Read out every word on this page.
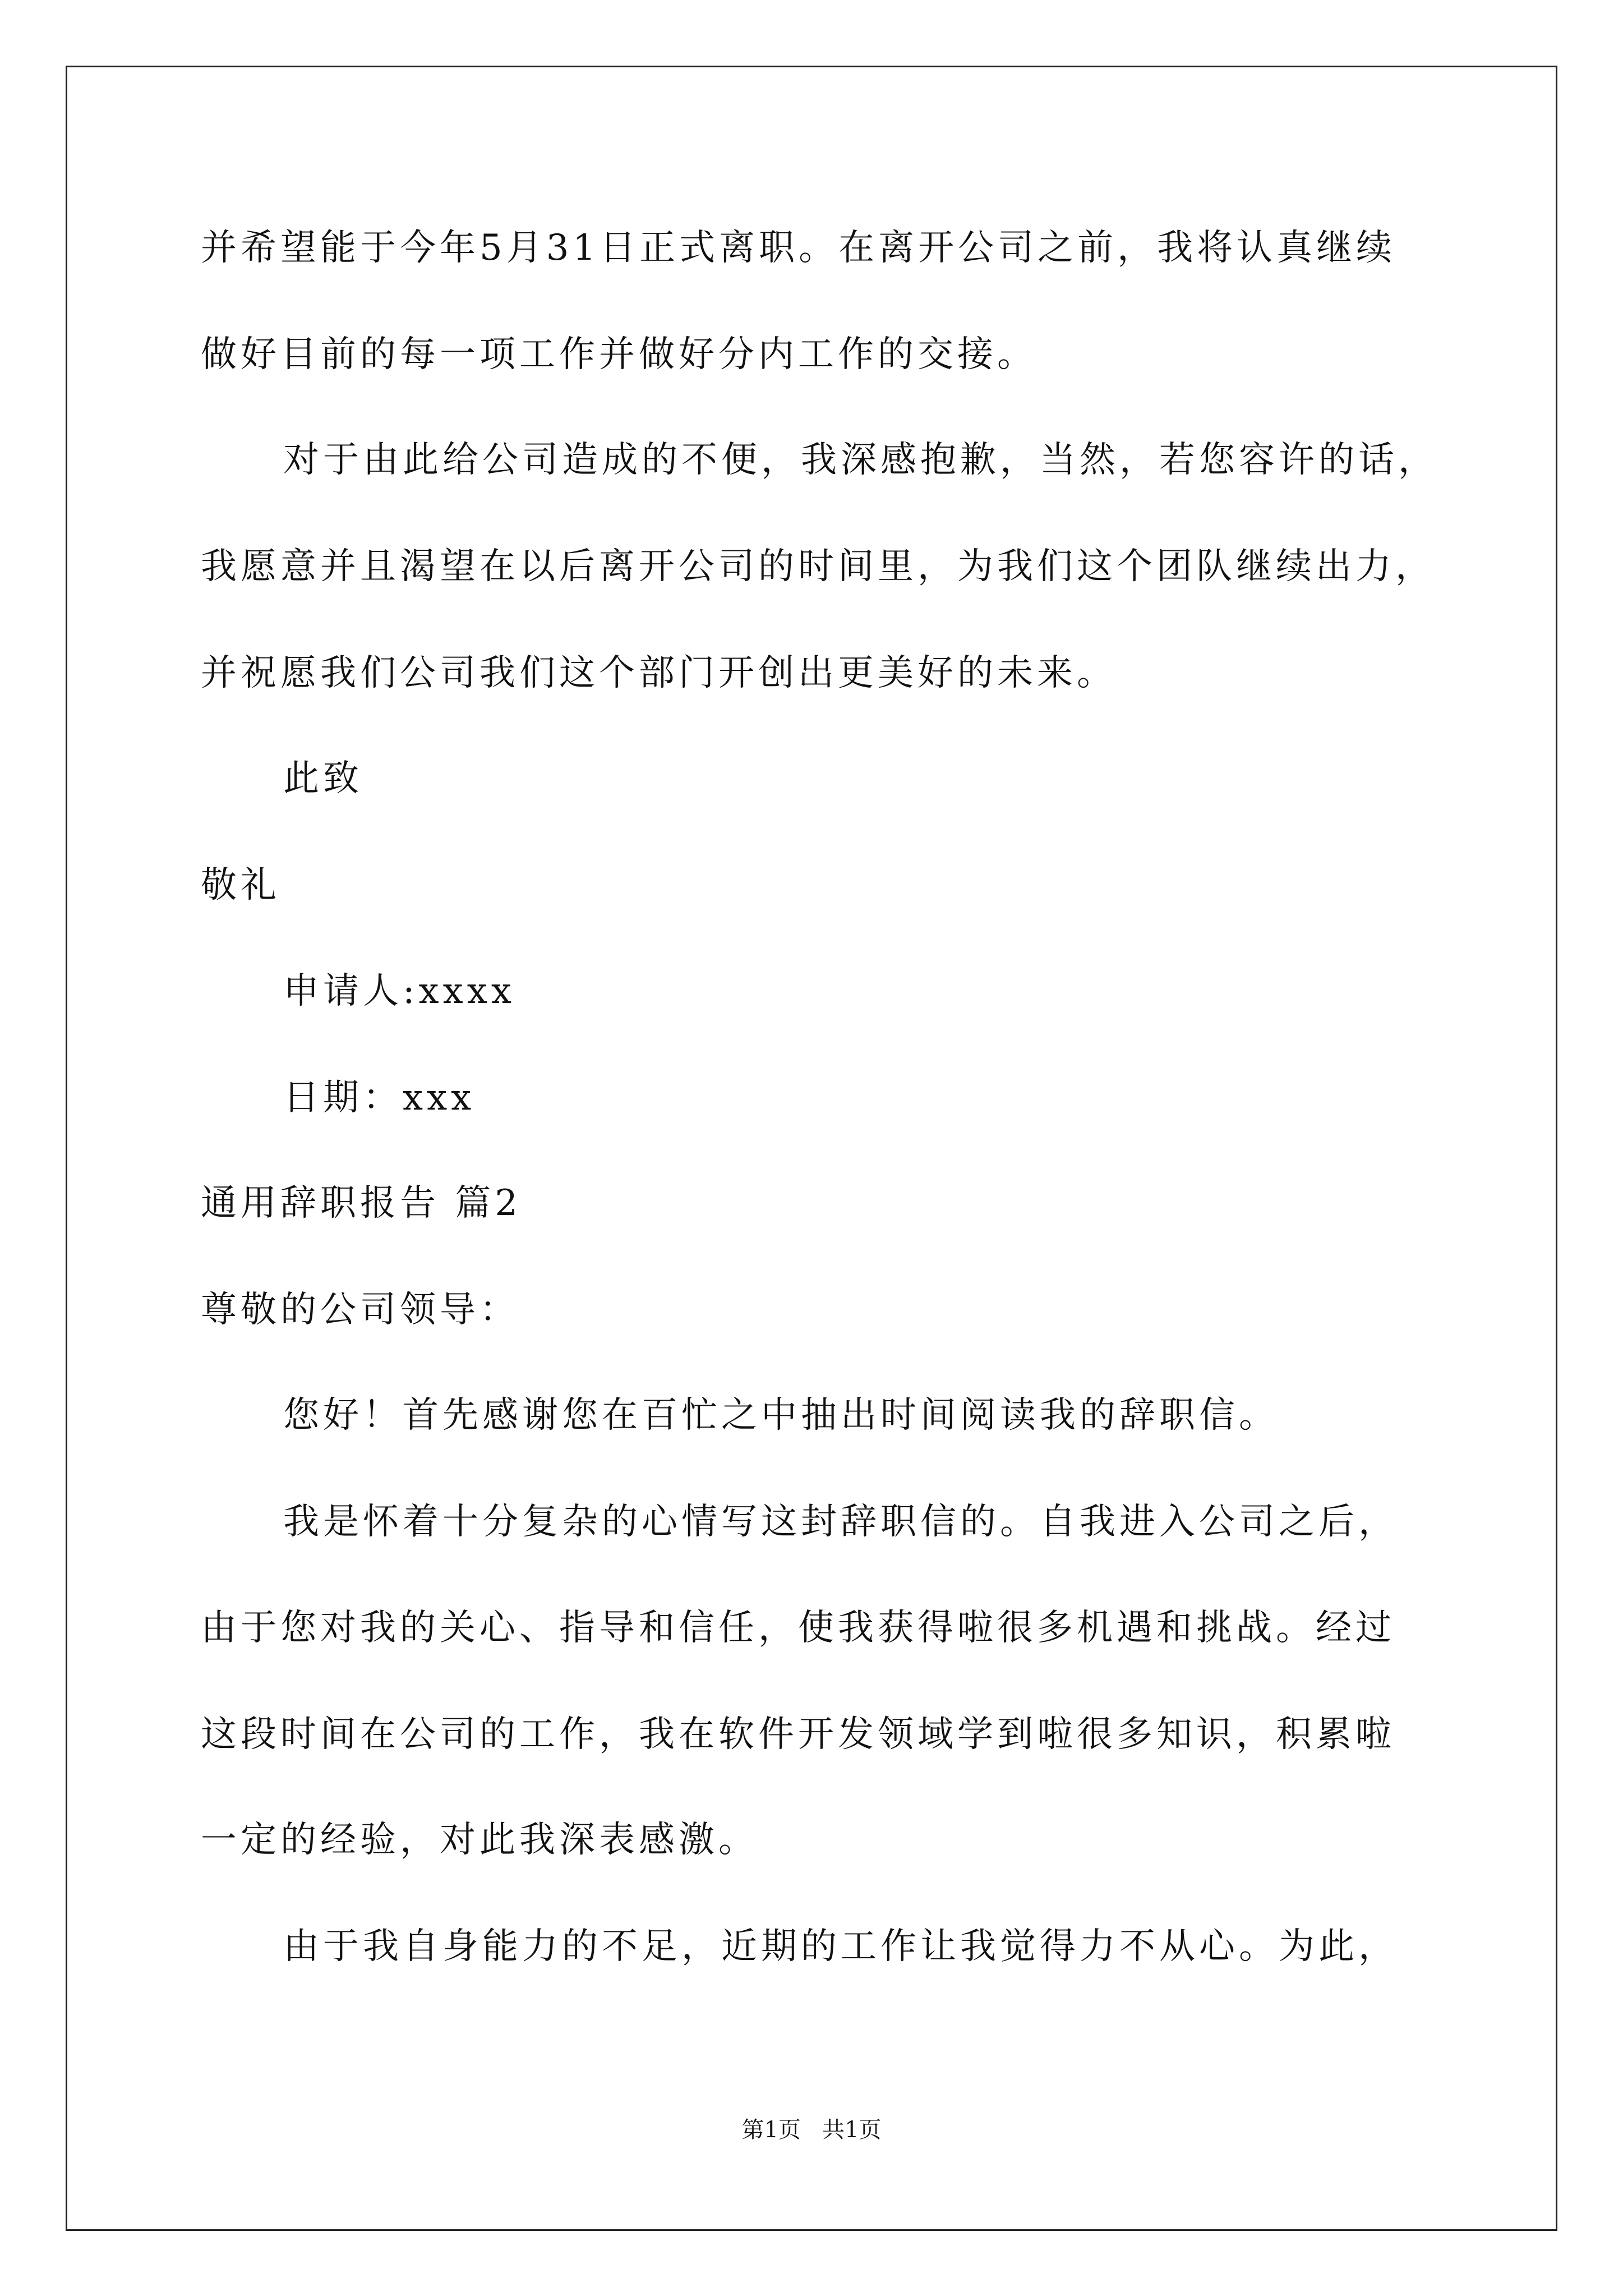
并希望能于今年5月31日正式离职。在离开公司之前，我将认真继续
做好目前的每一项工作并做好分内工作的交接。
对于由此给公司造成的不便，我深感抱歉，当然，若您容许的话，
我愿意并且渴望在以后离开公司的时间里，为我们这个团队继续出力，
并祝愿我们公司我们这个部门开创出更美好的未来。
此致
敬礼
申请人:xxxx
日期：xxx
通用辞职报告 篇2
尊敬的公司领导：
您好！首先感谢您在百忙之中抽出时间阅读我的辞职信。
我是怀着十分复杂的心情写这封辞职信的。自我进入公司之后，
由于您对我的关心、指导和信任，使我获得啦很多机遇和挑战。经过
这段时间在公司的工作，我在软件开发领域学到啦很多知识，积累啦
一定的经验，对此我深表感激。
由于我自身能力的不足，近期的工作让我觉得力不从心。为此，
第1页   共1页
